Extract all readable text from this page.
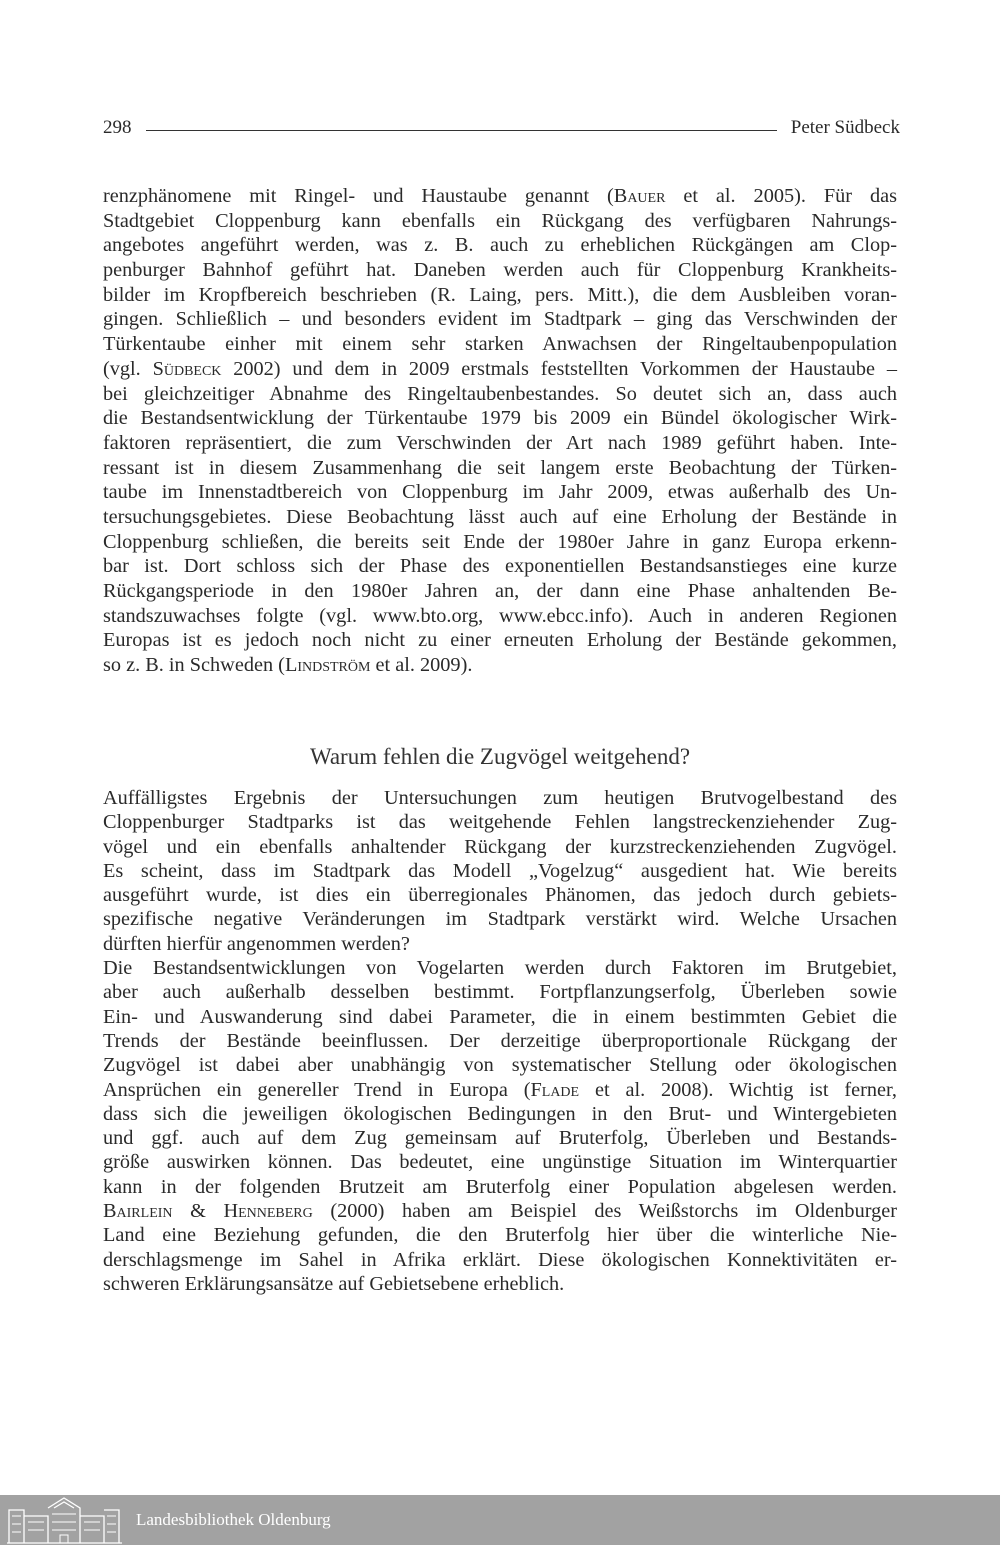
298	Peter Südbeck
renzphänomene mit Ringel- und Haustaube genannt (Bauer et al. 2005). Für das
Stadtgebiet Cloppenburg kann ebenfalls ein Rückgang des verfügbaren Nahrungs-
angebotes angeführt werden, was z. B. auch zu erheblichen Rückgängen am Clop-
penburger Bahnhof geführt hat. Daneben werden auch für Cloppenburg Krankheits-
bilder im Kropfbereich beschrieben (R. Laing, pers. Mitt.), die dem Ausbleiben voran-
gingen. Schließlich – und besonders evident im Stadtpark – ging das Verschwinden der
Türkentaube einher mit einem sehr starken Anwachsen der Ringeltaubenpopulation
(vgl. Südbeck 2002) und dem in 2009 erstmals feststellten Vorkommen der Haustaube –
bei gleichzeitiger Abnahme des Ringeltaubenbestandes. So deutet sich an, dass auch
die Bestandsentwicklung der Türkentaube 1979 bis 2009 ein Bündel ökologischer Wirk-
faktoren repräsentiert, die zum Verschwinden der Art nach 1989 geführt haben. Inte-
ressant ist in diesem Zusammenhang die seit langem erste Beobachtung der Türken-
taube im Innenstadtbereich von Cloppenburg im Jahr 2009, etwas außerhalb des Un-
tersuchungsgebietes. Diese Beobachtung lässt auch auf eine Erholung der Bestände in
Cloppenburg schließen, die bereits seit Ende der 1980er Jahre in ganz Europa erkenn-
bar ist. Dort schloss sich der Phase des exponentiellen Bestandsanstieges eine kurze
Rückgangsperiode in den 1980er Jahren an, der dann eine Phase anhaltenden Be-
standszuwachses folgte (vgl. www.bto.org, www.ebcc.info). Auch in anderen Regionen
Europas ist es jedoch noch nicht zu einer erneuten Erholung der Bestände gekommen,
so z. B. in Schweden (Lindström et al. 2009).
Warum fehlen die Zugvögel weitgehend?
Auffälligstes Ergebnis der Untersuchungen zum heutigen Brutvogelbestand des
Cloppenburger Stadtparks ist das weitgehende Fehlen langstreckenziehender Zug-
vögel und ein ebenfalls anhaltender Rückgang der kurzstreckenziehenden Zugvögel.
Es scheint, dass im Stadtpark das Modell „Vogelzug“ ausgedient hat. Wie bereits
ausgeführt wurde, ist dies ein überregionales Phänomen, das jedoch durch gebiets-
spezifische negative Veränderungen im Stadtpark verstärkt wird. Welche Ursachen
dürften hierfür angenommen werden?
Die Bestandsentwicklungen von Vogelarten werden durch Faktoren im Brutgebiet,
aber auch außerhalb desselben bestimmt. Fortpflanzungserfolg, Überleben sowie
Ein- und Auswanderung sind dabei Parameter, die in einem bestimmten Gebiet die
Trends der Bestände beeinflussen. Der derzeitige überproportionale Rückgang der
Zugvögel ist dabei aber unabhängig von systematischer Stellung oder ökologischen
Ansprüchen ein genereller Trend in Europa (Flade et al. 2008). Wichtig ist ferner,
dass sich die jeweiligen ökologischen Bedingungen in den Brut- und Wintergebieten
und ggf. auch auf dem Zug gemeinsam auf Bruterfolg, Überleben und Bestands-
größe auswirken können. Das bedeutet, eine ungünstige Situation im Winterquartier
kann in der folgenden Brutzeit am Bruterfolg einer Population abgelesen werden.
Bairlein & Henneberg (2000) haben am Beispiel des Weißstorchs im Oldenburger
Land eine Beziehung gefunden, die den Bruterfolg hier über die winterliche Nie-
derschlagsmenge im Sahel in Afrika erklärt. Diese ökologischen Konnektivitäten er-
schweren Erklärungsansätze auf Gebietsebene erheblich.
Landesbibliothek Oldenburg
